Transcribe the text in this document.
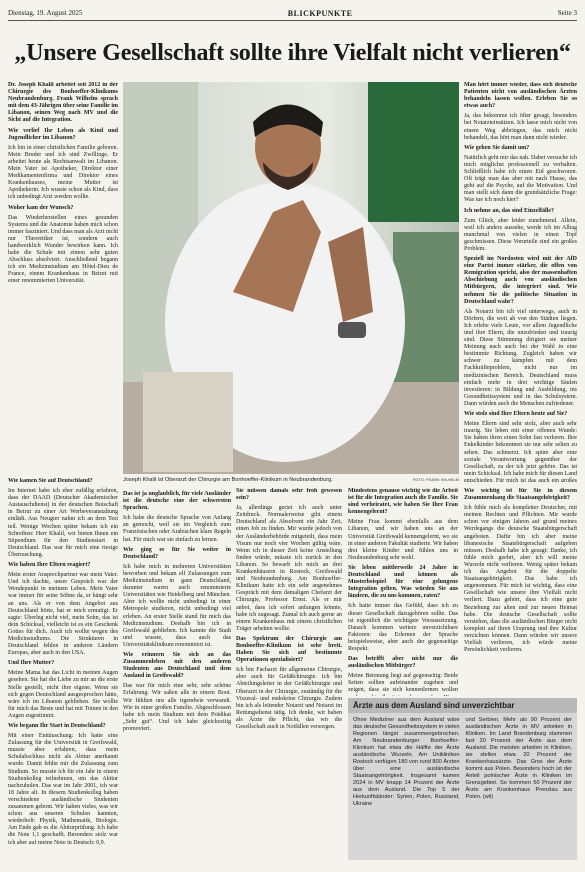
Dienstag, 19. August 2025	BLICKPUNKTE	Seite 3
„Unsere Gesellschaft sollte ihre Vielfalt nicht verlieren“

Dr. Joseph Khalil arbeitet seit 2012 in der Chirurgie des Bonhoeffer-Klinikums Neubrandenburg. Frank Wilhelm sprach mit dem 43-Jährigen über seine Familie im Libanon, seinen Weg nach MV und die Sicht auf die Integration.

Wie verlief Ihr Leben als Kind und Jugendlicher im Libanon?

Ich bin in einer christlichen Familie geboren. Mein Bruder und ich sind Zwillinge. Er arbeitet heute als Rechtsanwalt im Libanon. Mein Vater ist Apotheker, Direktor einer Medikamentenfirma und Direktor eines Krankenhauses, meine Mutter ist Apothekerin. Ich wusste schon als Kind, dass ich unbedingt Arzt werden wollte.

Woher kam der Wunsch?

Das Wiederherstellen eines gesunden Systems und die Anatomie haben mich schon immer fasziniert. Und dass man als Arzt nicht nur Theoretiker ist, sondern auch handwerklich Wunder bewirken kann. Ich habe die Schule mit einem sehr guten Abschluss absolviert. Anschließend begann ich ein Medizinstudium am Hôtel-Dieu de France, einem Krankenhaus in Beirut mit einer renommierten Universität.

Wie kamen Sie auf Deutschland?

Im Internet habe ich eher zufällig erfahren, dass der DAAD (Deutscher Akademischer Austauschdienst) in der deutschen Botschaft in Beirut zu einer Art Werbeveranstaltung einlädt. Aus Neugier nahm ich an dem Test teil. Wenige Wochen später bekam ich ein Schreiben: Herr Khalil, wir bieten Ihnen ein Stipendium für den Studienstart in Deutschland. Das war für mich eine riesige Überraschung.

Wie haben Ihre Eltern reagiert?

Mein erster Ansprechpartner war mein Vater. Und ich dachte, unser Gespräch war der Wendepunkt in meinem Leben. Mein Vater war immer für seine Söhne da, er hängt sehr an uns. Als er von dem Angebot aus Deutschland hörte, hat er mich ermutigt. Er sagte: Überleg nicht viel, mein Sohn, das ist dein Schicksal, vielleicht ist es ein Geschenk Gottes für dich. Auch ich wollte wegen des Medizinstudiums. Die Strukturen in Deutschland fehlen in anderen Ländern Europas, aber auch in den USA.

Und Ihre Mutter?

Meine Mama hat das Licht in meinen Augen gesehen. Sie hat die Liebe zu mir an die erste Stelle gestellt, nicht ihre eigene. Wenn sie sich gegen Deutschland ausgesprochen hätte, wäre ich im Libanon geblieben. Sie wollte für mich das Beste und hat mit Tränen in den Augen zugestimmt.

Wie begann Ihr Start in Deutschland?

Mit einer Enttäuschung: Ich hatte eine Zulassung für die Universität in Greifswald, musste aber erfahren, dass mein Schulabschluss nicht als Abitur anerkannt wurde. Damit fehlte mir die Zulassung zum Studium. So musste ich für ein Jahr in einem Studienkolleg teilnehmen, um das Abitur nachzuholen. Das war im Jahr 2001, ich war 18 Jahre alt. In diesem Studienkolleg haben verschiedene ausländische Studenten zusammen gelernt. Wir haben vieles, was wir schon aus unseren Schulen kannten, wiederholt: Physik, Mathematik, Biologie. Am Ende gab es die Abiturprüfung. Ich habe die Note 1,1 geschafft. Besonders stolz war ich aber auf meine Note in Deutsch: 0,9.

Joseph Khalil ist Oberarzt der Chirurgie am Bonhoeffer-Klinikum in Neubrandenburg.	FOTO: FRANK WILHELM

Das ist ja unglaublich, für viele Ausländer ist die deutsche eine der schwersten Sprachen.

Ich habe die deutsche Sprache von Anfang an gemocht, weil sie im Vergleich zum Französischen oder Arabischen klare Regeln hat. Für mich war sie einfach zu lernen.

Wie ging es für Sie weiter in Deutschland?

Ich habe mich in mehreren Universitäten beworben und bekam elf Zulassungen zum Medizinstudium in ganz Deutschland, darunter waren auch renommierte Universitäten wie Heidelberg und München. Aber ich wollte nicht unbedingt in einer Metropole studieren, nicht unbedingt viel erleben. An erster Stelle stand für mich das Medizinstudium. Deshalb bin ich in Greifswald geblieben. Ich kannte die Stadt und wusste, dass auch das Universitätsklinikum renommiert ist.

Wie erinnern Sie sich an das Zusammenleben mit den anderen Studenten aus Deutschland und dem Ausland in Greifswald?

Das war für mich eine sehr, sehr schöne Erfahrung. Wir saßen alle in einem Boot. Wir fühlten uns alle irgendwie verwandt. Wie in einer großen Familie. Abgeschlossen habe ich mein Studium mit dem Prädikat „Sehr gut“. Und ich habe gleichzeitig promoviert.

Sie müssen damals sehr froh gewesen sein?

Ja, allerdings geriet ich auch unter Zeitdruck. Normalerweise gibt einem Deutschland als Absolvent ein Jahr Zeit, einen Job zu finden. Mir wurde jedoch von der Ausländerbehörde mitgeteilt, dass mein Visum nur noch vier Wochen gültig wäre. Wenn ich in dieser Zeit keine Anstellung finden würde, müsste ich zurück in den Libanon. So bewarb ich mich an drei Krankenhäusern in Rostock, Greifswald und Neubrandenburg. Am Bonhoeffer-Klinikum hatte ich ein sehr angenehmes Gespräch mit dem damaligen Chefarzt der Chirurgie, Professor Ernst. Als er mir anbot, dass ich sofort anfangen könnte, habe ich zugesagt. Zumal ich auch gerne an einem Krankenhaus mit einem christlichen Träger arbeiten wollte.

Das Spektrum der Chirurgie am Bonhoeffer-Klinikum ist sehr breit. Haben Sie sich auf bestimmte Operationen spezialisiert?

Ich bin Facharzt für allgemeine Chirurgie, aber auch für Gefäßchirurgie. Ich bin Abteilungsleiter in der Gefäßchirurgie und Oberarzt in der Chirurgie, zuständig für die Viszeral- und endokrine Chirurgie. Zudem bin ich als leitender Notarzt und Notarzt im Rettungsdienst tätig. Ich denke, wir haben als Ärzte die Pflicht, das wir die Gesellschaft auch in Notfällen versorgen.

Mindestens genauso wichtig wie die Arbeit ist für die Integration auch die Familie. Sie sind verheiratet, wie haben Sie Ihre Frau kennengelernt?

Meine Frau kommt ebenfalls aus dem Libanon, und wir haben uns an der Universität Greifswald kennengelernt, wo sie in einer anderen Fakultät studierte. Wir haben drei kleine Kinder und fühlen uns in Neubrandenburg sehr wohl.

Sie leben mittlerweile 24 Jahre in Deutschland und können als Musterbeispiel für eine gelungene Integration gelten. Was würden Sie aus ländern, die zu uns kommen, raten?

Ich hatte immer das Gefühl, dass ich zu dieser Gesellschaft dazugehören sollte. Das ist eigentlich die wichtigste Voraussetzung. Danach kommen weitere unverzichtbare Faktoren: das Erlernen der Sprache beispielsweise, aber auch der gegenseitige Respekt.

Das betrifft aber nicht nur die ausländischen Mitbürger?

Meine Betonung liegt auf gegenseitig: Beide Seiten sollten aufeinander zugehen und zeigen, dass sie sich kennenlernen wollen

Wie wichtig ist für Sie in diesem Zusammenhang die Staatsangehörigkeit?

Ich fühle mich als kompletter Deutscher, mit meinen Rechten und Pflichten. Mir wurde schon vor einigen Jahren auf grund meines Werdegangs die deutsche Staatsbürgerschaft angeboten. Dafür bin ich aber meine libanesische Staatsbürgerschaft aufgeben müssen. Deshalb habe ich gesagt: Danke, ich fühle mich geehrt, aber ich will meine Wurzeln nicht verlieren. Wenig später bekam ich das Angebot für die doppelte Staatsangehörigkeit. Das habe ich angenommen. Für mich ist wichtig, dass eine Gesellschaft wie unsere ihre Vielfalt nicht verliert. Dazu gehört, dass ich eine gute Beziehung zur alten und zur neuen Heimat habe. Die deutsche Gesellschaft sollte verstehen, dass die ausländischen Bürger nicht komplett auf ihren Ursprung und ihre Kultur verzichten können. Dann würden wir unsere Vielfalt verlieren, ich würde meine Persönlichkeit verlieren.

Man hört immer wieder, dass sich deutsche Patienten nicht von ausländischen Ärzten behandeln lassen wollen. Erleben Sie so etwas auch?

Ja, das bekomme ich öfter gesagt, besonders bei Notarzteinsätzen. Ich lasse mich nicht von einem Weg abbringen, das mich nicht behandelt, das hört man dann nicht wieder.

Wie gehen Sie damit um?

Natürlich geht mir das nah. Dabei versuche ich mich möglichst professionell zu verhalten. Schließlich habe ich einen Eid geschworen. Oft trägt man das aber mit nach Hause, das geht auf die Psyche, auf die Motivation. Und man stellt sich dann die grundsätzliche Frage: Was tue ich noch hier?

Ich nehme an, das sind Einzelfälle?

Zum Glück, aber leider zunehmend. Allein, weil ich anders aussehe, werde ich im Alltag manchmal von vielen in einen Topf geschmissen. Diese Vorurteile sind ein großes Problem.

Speziell im Nordosten wird mit der AfD eine Partei immer stärker, die offen von Remigration spricht, also der massenhaften Abschiebung auch von ausländischen Mitbürgern, die integriert sind. Wie nehmen Sie die politische Situation in Deutschland wahr?

Als Notarzt bin ich viel unterwegs, auch in Dörfern, die weit ab von den Städten liegen. Ich erlebe viele Leute, vor allem Jugendliche und ihre Eltern, die unzufrieden und traurig sind. Diese Stimmung dirigiert sie meiner Meinung nach auch bei der Wahl in eine bestimmte Richtung. Zugleich haben wir schwer zu kämpfen mit dem Fachkräfteproblem, nicht nur im medizinischen Bereich. Deutschland muss einfach mehr in drei wichtige Säulen investieren: in Bildung und Ausbildung, ins Gesundheitssystem und in das Schulsystem. Dann würden auch die Menschen zufriedener.

Wie stolz sind Ihre Eltern heute auf Sie?

Meine Eltern sind sehr stolz, aber auch sehr traurig. Sie leben mit einer offenen Wunde: Sie haben ihren einen Sohn fast verloren. Ihre Enkelkinder bekommen sie nur sehr selten zu sehen. Das schmerzt. Ich spüre aber eine soziale Verantwortung gegenüber der Gesellschaft, zu der ich jetzt gehöre. Das ist mein Schicksal. Ich habe mich für diesen Land entschieden. Für mich ist das auch ein großes

Ärzte aus dem Ausland sind unverzichtbar
Ohne Mediziner aus dem Ausland wäre das deutsche Gesundheitssystem in vielen Regionen längst zusammengebrochen. Am Neubrandenburger Bonhoeffer-Klinikum hat etwa die Hälfte der Ärzte ausländische Wurzeln. Am Unikliniken Rostock verfügen 180 von rund 800 Ärzten über eine ausländische Staatsangehörigkeit. Insgesamt kamen 2024 in MV knapp 14 Prozent der Ärzte aus dem Ausland. Die Top 5 der Herkunftsländer: Syrien, Polen, Russland, Ukraine
und Serbien. Mehr als 90 Prozent der ausländischen Ärzte in MV arbeiten in Kliniken. Im Land Brandenburg stammen fast 20 Prozent der Ärzte aus dem Ausland. Die meisten arbeiten in Kliniken, sie stellen etwa 20 Prozent der Krankenhausärzte. Das Gros der Ärzte kommt aus Polen. Besonders hoch ist der Anteil polnischer Ärzte in Kliniken im Grenzgebiet. So kommen 50 Prozent der Ärzte am Krankenhaus Prenzlau aus Polen. (wil)
